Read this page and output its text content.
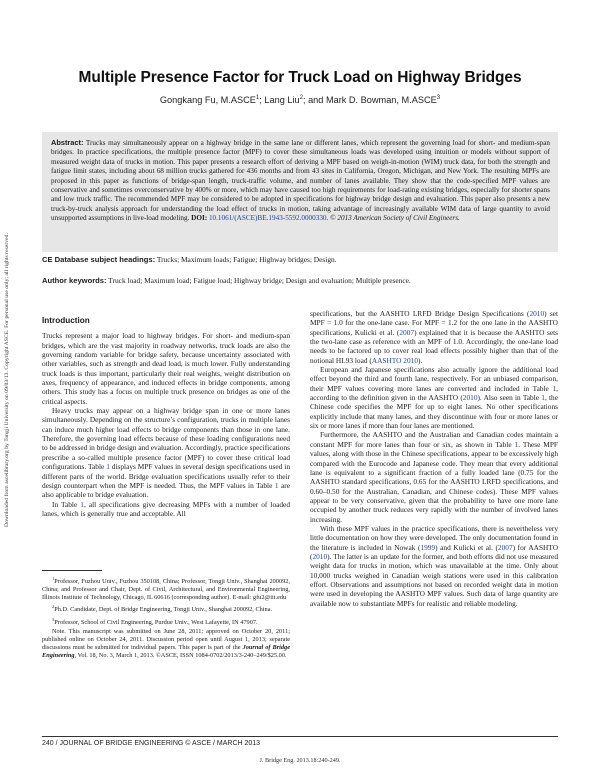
Downloaded from ascelibrary.org by Tongji University on 09/03/13. Copyright ASCE. For personal use only; all rights reserved.
Multiple Presence Factor for Truck Load on Highway Bridges
Gongkang Fu, M.ASCE$^1$; Lang Liu$^2$; and Mark D. Bowman, M.ASCE$^3$
Abstract: Trucks may simultaneously appear on a highway bridge in the same lane or different lanes, which represent the governing load for short- and medium-span bridges. In practice specifications, the multiple presence factor (MPF) to cover these simultaneous loads was developed using intuition or models without support of measured weight data of trucks in motion. This paper presents a research effort of deriving a MPF based on weigh-in-motion (WIM) truck data, for both the strength and fatigue limit states, including about 68 million trucks gathered for 436 months and from 43 sites in California, Oregon, Michigan, and New York. The resulting MPFs are proposed in this paper as functions of bridge-span length, truck-traffic volume, and number of lanes available. They show that the code-specified MPF values are conservative and sometimes overconservative by 400% or more, which may have caused too high requirements for load-rating existing bridges, especially for shorter spans and low truck traffic. The recommended MPF may be considered to be adopted in specifications for highway bridge design and evaluation. This paper also presents a new truck-by-truck analysis approach for understanding the load effect of trucks in motion, taking advantage of increasingly available WIM data of large quantity to avoid unsupported assumptions in live-load modeling. DOI: 10.1061/(ASCE)BE.1943-5592.0000330. © 2013 American Society of Civil Engineers.
CE Database subject headings: Trucks; Maximum loads; Fatigue; Highway bridges; Design.
Author keywords: Truck load; Maximum load; Fatigue load; Highway bridge; Design and evaluation; Multiple presence.
Introduction

Trucks represent a major load to highway bridges. For short- and medium-span bridges, which are the vast majority in roadway networks, truck loads are also the governing random variable for bridge safety, because uncertainty associated with other variables, such as strength and dead load, is much lower. Fully understanding truck loads is thus important, particularly their real weights, weight distribution on axes, frequency of appearance, and induced effects in bridge components, among others. This study has a focus on multiple truck presence on bridges as one of the critical aspects.

Heavy trucks may appear on a highway bridge span in one or more lanes simultaneously. Depending on the structure’s configuration, trucks in multiple lanes can induce much higher load effects to bridge components than those in one lane. Therefore, the governing load effects because of these loading configurations need to be addressed in bridge design and evaluation. Accordingly, practice specifications prescribe a so-called multiple presence factor (MPF) to cover these critical load configurations. Table 1 displays MPF values in several design specifications used in different parts of the world. Bridge evaluation specifications usually refer to their design counterpart when the MPF is needed. Thus, the MPF values in Table 1 are also applicable to bridge evaluation.

In Table 1, all specifications give decreasing MPFs with a number of loaded lanes, which is generally true and acceptable. All

$^1$Professor, Fuzhou Univ., Fuzhou 350108, China; Professor, Tongji Univ., Shanghai 200092, China; and Professor and Chair, Dept. of Civil, Architectural, and Environmental Engineering, Illinois Institute of Technology, Chicago, IL 60616 (corresponding author). E-mail: gfu2@iit.edu

$^2$Ph.D. Candidate, Dept. of Bridge Engineering, Tongji Univ., Shanghai 200092, China.

$^3$Professor, School of Civil Engineering, Purdue Univ., West Lafayette, IN 47907.

Note. This manuscript was submitted on June 28, 2011; approved on October 20, 2011; published online on October 24, 2011. Discussion period open until August 1, 2013; separate discussions must be submitted for individual papers. This paper is part of the Journal of Bridge Engineering, Vol. 18, No. 3, March 1, 2013. ©ASCE, ISSN 1084-0702/2013/3-240–249/$25.00.

specifications, but the AASHTO LRFD Bridge Design Specifications (2010) set MPF = 1.0 for the one-lane case. For MPF = 1.2 for the one lane in the AASHTO specifications, Kulicki et al. (2007) explained that it is because the AASHTO sets the two-lane case as reference with an MPF of 1.0. Accordingly, the one-lane load needs to be factored up to cover real load effects possibly higher than that of the notional HL93 load (AASHTO 2010).

European and Japanese specifications also actually ignore the additional load effect beyond the third and fourth lane, respectively. For an unbiased comparison, their MPF values covering more lanes are converted and included in Table 1, according to the definition given in the AASHTO (2010). Also seen in Table 1, the Chinese code specifies the MPF for up to eight lanes. No other specifications explicitly include that many lanes, and they discontinue with four or more lanes or six or more lanes if more than four lanes are mentioned.

Furthermore, the AASHTO and the Australian and Canadian codes maintain a constant MPF for more lanes than four or six, as shown in Table 1. These MPF values, along with those in the Chinese specifications, appear to be excessively high compared with the Eurocode and Japanese code. They mean that every additional lane is equivalent to a significant fraction of a fully loaded lane (0.75 for the AASHTO standard specifications, 0.65 for the AASHTO LRFD specifications, and 0.60–0.50 for the Australian, Canadian, and Chinese codes). These MPF values appear to be very conservative, given that the probability to have one more lane occupied by another truck reduces very rapidly with the number of involved lanes increasing.

With these MPF values in the practice specifications, there is nevertheless very little documentation on how they were developed. The only documentation found in the literature is included in Nowak (1999) and Kulicki et al. (2007) for AASHTO (2010). The latter is an update for the former, and both efforts did not use measured weight data for trucks in motion, which was unavailable at the time. Only about 10,000 trucks weighed in Canadian weigh stations were used in this calibration effort. Observations and assumptions not based on recorded weight data in motion were used in developing the AASHTO MPF values. Such data of large quantity are available now to substantiate MPFs for realistic and reliable modeling.

240 / JOURNAL OF BRIDGE ENGINEERING © ASCE / MARCH 2013
J. Bridge Eng. 2013.18:240-249.
